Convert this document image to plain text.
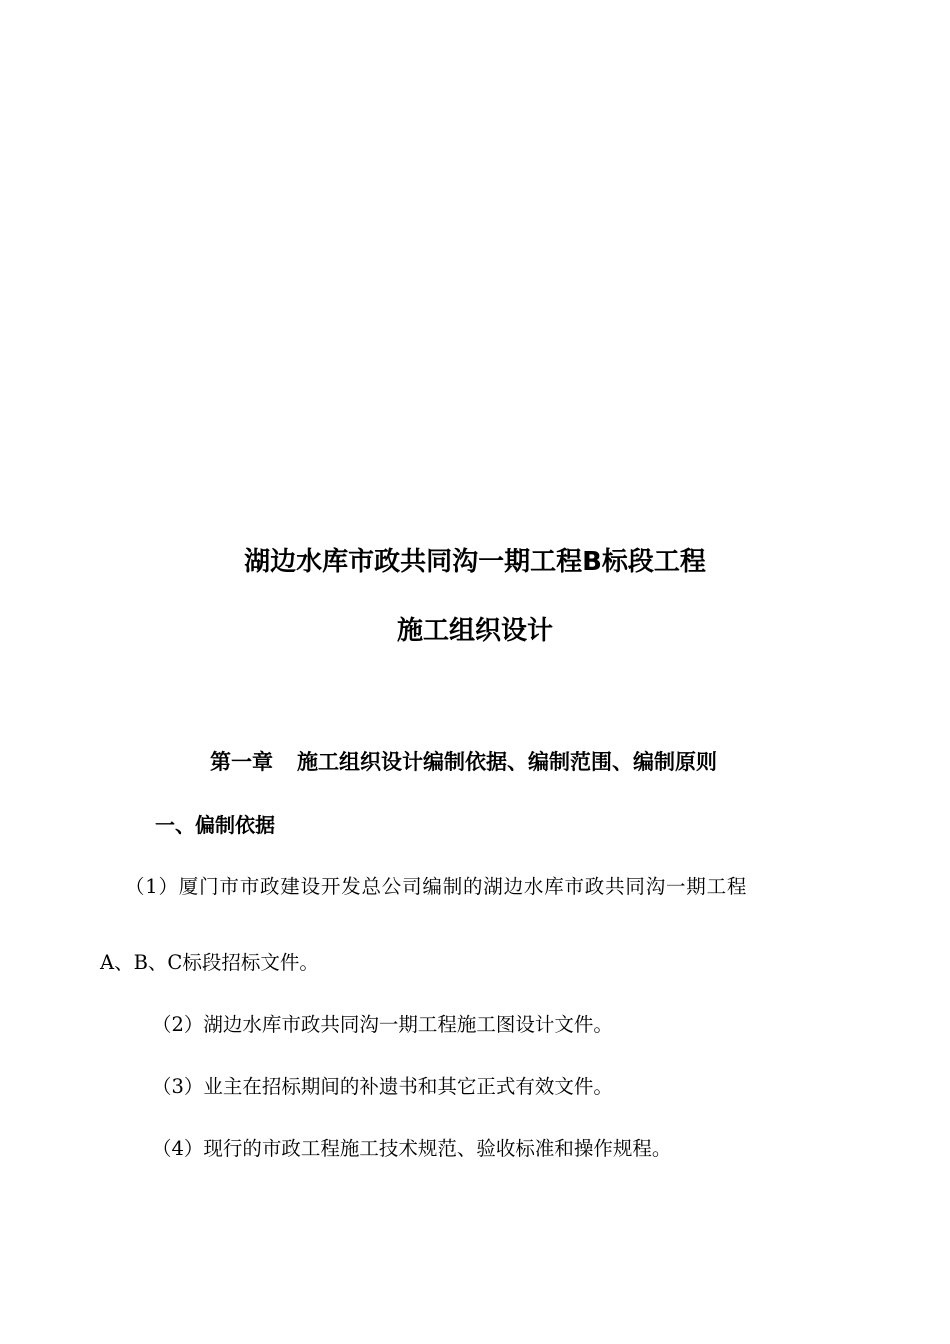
湖边水库市政共同沟一期工程B标段工程
施工组织设计
第一章 施工组织设计编制依据、编制范围、编制原则
一、偏制依据
（1）厦门市市政建设开发总公司编制的湖边水库市政共同沟一期工程
A、B、C标段招标文件。
（2）湖边水库市政共同沟一期工程施工图设计文件。
（3）业主在招标期间的补遗书和其它正式有效文件。
（4）现行的市政工程施工技术规范、验收标准和操作规程。
